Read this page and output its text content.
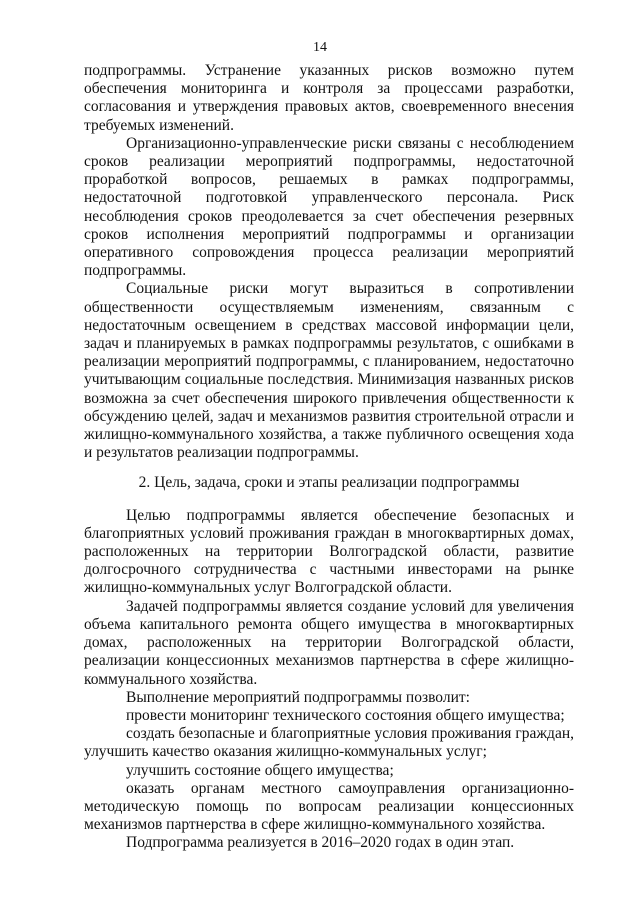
14

подпрограммы. Устранение указанных рисков возможно путем обеспечения мониторинга и контроля за процессами разработки, согласования и утверждения правовых актов, своевременного внесения требуемых изменений.

Организационно-управленческие риски связаны с несоблюдением сроков реализации мероприятий подпрограммы, недостаточной проработкой вопросов, решаемых в рамках подпрограммы, недостаточной подготовкой управленческого персонала. Риск несоблюдения сроков преодолевается за счет обеспечения резервных сроков исполнения мероприятий подпрограммы и организации оперативного сопровождения процесса реализации мероприятий подпрограммы.

Социальные риски могут выразиться в сопротивлении общественности осуществляемым изменениям, связанным с недостаточным освещением в средствах массовой информации цели, задач и планируемых в рамках подпрограммы результатов, с ошибками в реализации мероприятий подпрограммы, с планированием, недостаточно учитывающим социальные последствия. Минимизация названных рисков возможна за счет обеспечения широкого привлечения общественности к обсуждению целей, задач и механизмов развития строительной отрасли и жилищно-коммунального хозяйства, а также публичного освещения хода и результатов реализации подпрограммы.

2. Цель, задача, сроки и этапы реализации подпрограммы

Целью подпрограммы является обеспечение безопасных и благоприятных условий проживания граждан в многоквартирных домах, расположенных на территории Волгоградской области, развитие долгосрочного сотрудничества с частными инвесторами на рынке жилищно-коммунальных услуг Волгоградской области.

Задачей подпрограммы является создание условий для увеличения объема капитального ремонта общего имущества в многоквартирных домах, расположенных на территории Волгоградской области, реализации концессионных механизмов партнерства в сфере жилищно-коммунального хозяйства.

Выполнение мероприятий подпрограммы позволит:

провести мониторинг технического состояния общего имущества;

создать безопасные и благоприятные условия проживания граждан, улучшить качество оказания жилищно-коммунальных услуг;

улучшить состояние общего имущества;

оказать органам местного самоуправления организационно-методическую помощь по вопросам реализации концессионных механизмов партнерства в сфере жилищно-коммунального хозяйства.

Подпрограмма реализуется в 2016–2020 годах в один этап.
